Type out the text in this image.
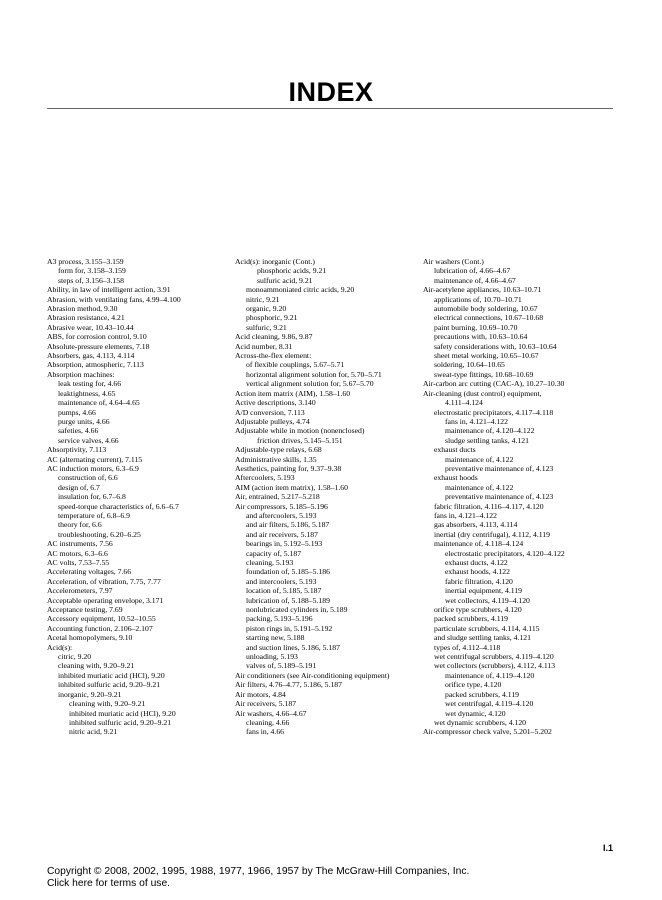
INDEX
A3 process, 3.155–3.159
form for, 3.158–3.159
steps of, 3.156–3.158
Ability, in law of intelligent action, 3.91
Abrasion, with ventilating fans, 4.99–4.100
Abrasion method, 9.30
Abrasion resistance, 4.21
Abrasive wear, 10.43–10.44
ABS, for corrosion control, 9.10
Absolute-pressure elements, 7.18
Absorbers, gas, 4.113, 4.114
Absorption, atmospheric, 7.113
Absorption machines:
leak testing for, 4.66
leaktightness, 4.65
maintenance of, 4.64–4.65
pumps, 4.66
purge units, 4.66
safeties, 4.66
service valves, 4.66
Absorptivity, 7.113
AC (alternating current), 7.115
AC induction motors, 6.3–6.9
construction of, 6.6
design of, 6.7
insulation for, 6.7–6.8
speed-torque characteristics of, 6.6–6.7
temperature of, 6.8–6.9
theory for, 6.6
troubleshooting, 6.20–6.25
AC instruments, 7.56
AC motors, 6.3–6.6
AC volts, 7.53–7.55
Accelerating voltages, 7.66
Acceleration, of vibration, 7.75, 7.77
Accelerometers, 7.97
Acceptable operating envelope, 3.171
Acceptance testing, 7.69
Accessory equipment, 10.52–10.55
Accounting function, 2.106–2.107
Acetal homopolymers, 9.10
Acid(s):
citric, 9.20
cleaning with, 9.20–9.21
inhibited muriatic acid (HCl), 9.20
inhibited sulfuric acid, 9.20–9.21
inorganic, 9.20–9.21
cleaning with, 9.20–9.21
inhibited muriatic acid (HCl), 9.20
inhibited sulfuric acid, 9.20–9.21
nitric acid, 9.21
Acid(s): inorganic (Cont.)
phosphoric acids, 9.21
sulfuric acid, 9.21
monoammoniated citric acids, 9.20
nitric, 9.21
organic, 9.20
phosphoric, 9.21
sulfuric, 9.21
Acid cleaning, 9.86, 9.87
Acid number, 8.31
Across-the-flex element:
of flexible couplings, 5.67–5.71
horizontal alignment solution for, 5.70–5.71
vertical alignment solution for, 5.67–5.70
Action item matrix (AIM), 1.58–1.60
Active descriptions, 3.140
A/D conversion, 7.113
Adjustable pulleys, 4.74
Adjustable while in motion (nonenclosed)
friction drives, 5.145–5.151
Adjustable-type relays, 6.68
Administrative skills, 1.35
Aesthetics, painting for, 9.37–9.38
Aftercoolers, 5.193
AIM (action item matrix), 1.58–1.60
Air, entrained, 5.217–5.218
Air compressors, 5.185–5.196
and aftercoolers, 5.193
and air filters, 5.186, 5.187
and air receivers, 5.187
bearings in, 5.192–5.193
capacity of, 5.187
cleaning, 5.193
foundation of, 5.185–5.186
and intercoolers, 5.193
location of, 5.185, 5.187
lubrication of, 5.188–5.189
nonlubricated cylinders in, 5.189
packing, 5.193–5.196
piston rings in, 5.191–5.192
starting new, 5.188
and suction lines, 5.186, 5.187
unloading, 5.193
valves of, 5.189–5.191
Air conditioners (see Air-conditioning equipment)
Air filters, 4.76–4.77, 5.186, 5.187
Air motors, 4.84
Air receivers, 5.187
Air washers, 4.66–4.67
cleaning, 4.66
fans in, 4.66
Air washers (Cont.)
lubrication of, 4.66–4.67
maintenance of, 4.66–4.67
Air-acetylene appliances, 10.63–10.71
applications of, 10.70–10.71
automobile body soldering, 10.67
electrical connections, 10.67–10.68
paint burning, 10.69–10.70
precautions with, 10.63–10.64
safety considerations with, 10.63–10.64
sheet metal working, 10.65–10.67
soldering, 10.64–10.65
sweat-type fittings, 10.68–10.69
Air-carbon arc cutting (CAC-A), 10.27–10.30
Air-cleaning (dust control) equipment,
4.111–4.124
electrostatic precipitators, 4.117–4.118
fans in, 4.121–4.122
maintenance of, 4.120–4.122
sludge settling tanks, 4.121
exhaust ducts
maintenance of, 4.122
preventative maintenance of, 4.123
exhaust hoods
maintenance of, 4.122
preventative maintenance of, 4.123
fabric filtration, 4.116–4.117, 4.120
fans in, 4.121–4.122
gas absorbers, 4.113, 4.114
inertial (dry centrifugal), 4.112, 4.119
maintenance of, 4.118–4.124
electrostatic precipitators, 4.120–4.122
exhaust ducts, 4.122
exhaust hoods, 4.122
fabric filtration, 4.120
inertial equipment, 4.119
wet collectors, 4.119–4.120
orifice type scrubbers, 4.120
packed scrubbers, 4.119
particulate scrubbers, 4.114, 4.115
and sludge settling tanks, 4.121
types of, 4.112–4.118
wet centrifugal scrubbers, 4.119–4.120
wet collectors (scrubbers), 4.112, 4.113
maintenance of, 4.119–4.120
orifice type, 4.120
packed scrubbers, 4.119
wet centrifugal, 4.119–4.120
wet dynamic, 4.120
wet dynamic scrubbers, 4.120
Air-compressor check valve, 5.201–5.202
I.1
Copyright © 2008, 2002, 1995, 1988, 1977, 1966, 1957 by The McGraw-Hill Companies, Inc.
Click here for terms of use.
